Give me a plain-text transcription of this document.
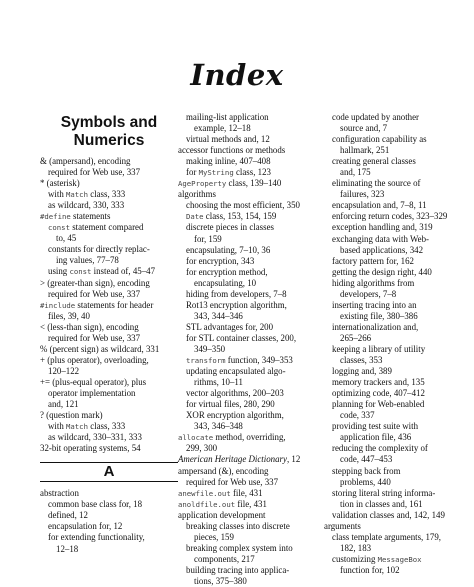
Index
Symbols and Numerics
& (ampersand), encoding
required for Web use, 337
* (asterisk)
with Match class, 333
as wildcard, 330, 333
#define statements
const statement compared
to, 45
constants for directly replac-
ing values, 77–78
using const instead of, 45–47
> (greater-than sign), encoding
required for Web use, 337
#include statements for header
files, 39, 40
< (less-than sign), encoding
required for Web use, 337
% (percent sign) as wildcard, 331
+ (plus operator), overloading,
120–122
+= (plus-equal operator), plus
operator implementation
and, 121
? (question mark)
with Match class, 333
as wildcard, 330–331, 333
32-bit operating systems, 54
A
abstraction
common base class for, 18
defined, 12
encapsulation for, 12
for extending functionality,
12–18
mailing-list application
example, 12–18
virtual methods and, 12
accessor functions or methods
making inline, 407–408
for MyString class, 123
AgeProperty class, 139–140
algorithms
choosing the most efficient, 350
Date class, 153, 154, 159
discrete pieces in classes
for, 159
encapsulating, 7–10, 36
for encryption, 343
for encryption method,
encapsulating, 10
hiding from developers, 7–8
Rot13 encryption algorithm,
343, 344–346
STL advantages for, 200
for STL container classes, 200,
349–350
transform function, 349–353
updating encapsulated algo-
rithms, 10–11
vector algorithms, 200–203
for virtual files, 280, 290
XOR encryption algorithm,
343, 346–348
allocate method, overriding,
299, 300
American Heritage Dictionary, 12
ampersand (&), encoding
required for Web use, 337
anewfile.out file, 431
anoldfile.out file, 431
application development
breaking classes into discrete
pieces, 159
breaking complex system into
components, 217
building tracing into applica-
tions, 375–380
code updated by another
source and, 7
configuration capability as
hallmark, 251
creating general classes
and, 175
eliminating the source of
failures, 323
encapsulation and, 7–8, 11
enforcing return codes, 323–329
exception handling and, 319
exchanging data with Web-
based applications, 342
factory pattern for, 162
getting the design right, 440
hiding algorithms from
developers, 7–8
inserting tracing into an
existing file, 380–386
internationalization and,
265–266
keeping a library of utility
classes, 353
logging and, 389
memory trackers and, 135
optimizing code, 407–412
planning for Web-enabled
code, 337
providing test suite with
application file, 436
reducing the complexity of
code, 447–453
stepping back from
problems, 440
storing literal string informa-
tion in classes and, 161
validation classes and, 142, 149
arguments
class template arguments, 179,
182, 183
customizing MessageBox
function for, 102
